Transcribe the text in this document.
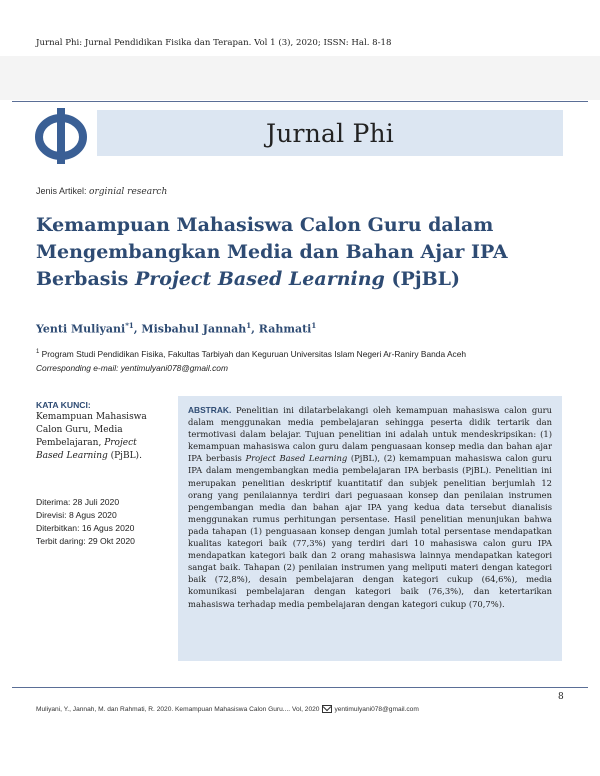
Jurnal Phi: Jurnal Pendidikan Fisika dan Terapan. Vol 1 (3), 2020; ISSN: Hal. 8-18
Jurnal Phi
Jenis Artikel: orginial research
Kemampuan Mahasiswa Calon Guru dalam Mengembangkan Media dan Bahan Ajar IPA Berbasis Project Based Learning (PjBL)
Yenti Muliyani$^{*1}$, Misbahul Jannah$^1$, Rahmati$^1$
$^1$ Program Studi Pendidikan Fisika, Fakultas Tarbiyah dan Keguruan Universitas Islam Negeri Ar-Raniry Banda Aceh
Corresponding e-mail: yentimulyani078@gmail.com
KATA KUNCI:
Kemampuan Mahasiswa Calon Guru, Media Pembelajaran, Project Based Learning (PjBL).
Diterima: 28 Juli 2020
Direvisi: 8 Agus 2020
Diterbitkan: 16 Agus 2020
Terbit daring: 29 Okt 2020
ABSTRAK. Penelitian ini dilatarbelakangi oleh kemampuan mahasiswa calon guru dalam menggunakan media pembelajaran sehingga peserta didik tertarik dan termotivasi dalam belajar. Tujuan penelitian ini adalah untuk mendeskripsikan: (1) kemampuan mahasiswa calon guru dalam penguasaan konsep media dan bahan ajar IPA berbasis Project Based Learning (PjBL), (2) kemampuan mahasiswa calon guru IPA dalam mengembangkan media pembelajaran IPA berbasis (PjBL). Penelitian ini merupakan penelitian deskriptif kuantitatif dan subjek penelitian berjumlah 12 orang yang penilaiannya terdiri dari peguasaan konsep dan penilaian instrumen pengembangan media dan bahan ajar IPA yang kedua data tersebut dianalisis menggunakan rumus perhitungan persentase. Hasil penelitian menunjukan bahwa pada tahapan (1) penguasaan konsep dengan jumlah total persentase mendapatkan kualitas kategori baik (77,3%) yang terdiri dari 10 mahasiswa calon guru IPA mendapatkan kategori baik dan 2 orang mahasiswa lainnya mendapatkan kategori sangat baik. Tahapan (2) penilaian instrumen yang meliputi materi dengan kategori baik (72,8%), desain pembelajaran dengan kategori cukup (64,6%), media komunikasi pembelajaran dengan kategori baik (76,3%), dan ketertarikan mahasiswa terhadap media pembelajaran dengan kategori cukup (70,7%).
8
Muliyani, Y., Jannah, M. dan Rahmati, R. 2020. Kemampuan Mahasiswa Calon Guru.... Vol, 2020 yentimulyani078@gmail.com
